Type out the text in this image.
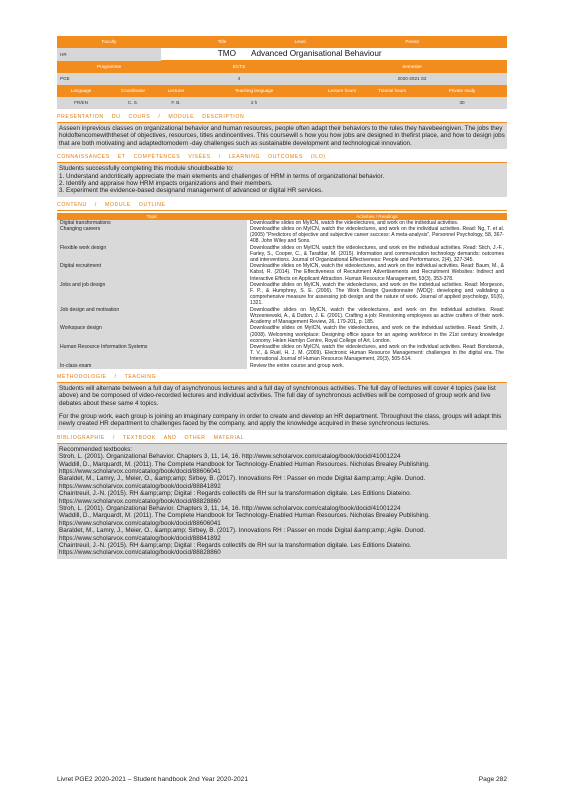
Faculty		Title			Level	Period		
HR		TMO		Advanced Organisational Behaviour				
Programme		ECTS				Semester		
PGE		4				2020-2021 S2		
Language	Coordinator	Lecturer	Teaching language			Lecture hours	Tutorial hours	Private study
FR/EN	C. S.	F. B.	2 h					30
PRESENTATION DU COURS / MODULE DESCRIPTION

Asseen inprevious classes on organizational behavior and human resources, people often adapt their behaviors to the rules they havebeengiven. The jobs they holdoftencomewiththeset of objectives, resources, titles andincentives. This coursewill s how you how jobs are designed in thefirst place, and how to design jobs that are both motivating and adaptedtomodern -day challenges such as sustainable development and technological innovation.

CONNAISSANCES ET COMPÉTENCES VISÉES / LEARNING OUTCOMES (ILO)

Students successfully completing this module shouldbeable to:

1. Understand andcritically appreciate the main elements and challenges of HRM in terms of organizational behavior.

2. Identify and appraise how HRM impacts organizations and their members.

3. Experiment the evidence-based designand management of advanced or digital HR services.

CONTENU / MODULE OUTLINE
Topic	Activities / Readings
Digital transformations	Downloadthe slides on MyICN, watch the videolectures, and work on the individual activities.
Changing careers	Downloadthe slides on MyICN, watch the videolectures, and work on the individual activities. Read: Ng, T. et al. (2005) "Predictors of objective and subjective career success: A meta-analysis", Personnel Psychology, 58, 367-408. John Wiley and Sons.
Flexible work design	Downloadthe slides on MyICN, watch the videolectures, and work on the individual activities. Read: Stich, J.-F., Farley, S., Cooper, C., & Tarafdar, M. (2015). Information and communication technology demands: outcomes and interventions. Journal of Organizational Effectiveness: People and Performance, 2(4), 327-345.
Digital recruitment	Downloadthe slides on MyICN, watch the videolectures, and work on the individual activities. Read: Baum, M., & Kabst, R. (2014). The Effectiveness of Recruitment Advertisements and Recruitment Websites: Indirect and Interactive Effects on Applicant Attraction. Human Resource Management, 53(3), 353-378.
Jobs and job design	Downloadthe slides on MyICN, watch the videolectures, and work on the individual activities. Read: Morgeson, F. P., & Humphrey, S. E. (2006). The Work Design Questionnaire (WDQ): developing and validating a comprehensive measure for assessing job design and the nature of work. Journal of applied psychology, 91(6), 1321.
Job design and motivation	Downloadthe slides on MyICN, watch the videolectures, and work on the individual activities. Read: Wrzesniewski, A., & Dutton, J. E. (2001). Crafting a job: Revisioning employees as active crafters of their work. Academy of Management Review, 26, 179-201, p. 185.
Workspace design	Downloadthe slides on MyICN, watch the videolectures, and work on the individual activities. Read: Smith, J. (2008). Welcoming workplace: Designing office space for an ageing workforce in the 21st century knowledge economy. Helen Hamlyn Centre, Royal College of Art, London.
Human Resource Information Systems	Downloadthe slides on MyICN, watch the videolectures, and work on the individual activities. Read: Bondarouk, T. V., & Ruël, H. J. M. (2009). Electronic Human Resource Management: challenges in the digital era. The International Journal of Human Resource Management, 20(3), 505-514.
In-class exam	Review the entire course and group work.
MÉTHODOLOGIE / TEACHING

Students will alternate between a full day of asynchronous lectures and a full day of synchronous activities. The full day of lectures will cover 4 topics (see list above) and be composed of video-recorded lectures and individual activities. The full day of synchronous activities will be composed of group work and live debates about these same 4 topics.

For the group work, each group is joining an imaginary company in order to create and develop an HR department. Throughout the class, groups will adapt this newly created HR department to challenges faced by the company, and apply the knowledge acquired in these synchronous lectures.

BIBLIOGRAPHIE / TEXTBOOK AND OTHER MATERIAL

Recommended textbooks:

Stroh, L. (2001). Organizational Behavior. Chapters 3, 11, 14, 16. http://www.scholarvox.com/catalog/book/docid/41001224

Waddill, D., Marquardt, M. (2011). The Complete Handbook for Technology-Enabled Human Resources. Nicholas Brealey Publishing. https://www.scholarvox.com/catalog/book/docid/88606041

Baraldet, M., Lamry, J., Meier, O., &amp;amp; Sirbey, B. (2017). Innovations RH : Passer en mode Digital &amp;amp; Agile. Dunod. https://www.scholarvox.com/catalog/book/docid/88841892

Chaintreuil, J.-N. (2015). RH &amp;amp; Digital : Regards collectifs de RH sur la transformation digitale. Les Editions Diateino. https://www.scholarvox.com/catalog/book/docid/88828860

Stroh, L. (2001). Organizational Behavior. Chapters 3, 11, 14, 16. http://www.scholarvox.com/catalog/book/docid/41001224

Waddill, D., Marquardt, M. (2011). The Complete Handbook for Technology-Enabled Human Resources. Nicholas Brealey Publishing. https://www.scholarvox.com/catalog/book/docid/88606041

Baraldet, M., Lamry, J., Meier, O., &amp;amp; Sirbey, B. (2017). Innovations RH : Passer en mode Digital &amp;amp; Agile. Dunod. https://www.scholarvox.com/catalog/book/docid/88841892

Chaintreuil, J.-N. (2015). RH &amp;amp; Digital : Regards collectifs de RH sur la transformation digitale. Les Editions Diateino. https://www.scholarvox.com/catalog/book/docid/88828860

Livret PGE2 2020-2021 – Student handbook 2nd Year 2020-2021	Page 282
